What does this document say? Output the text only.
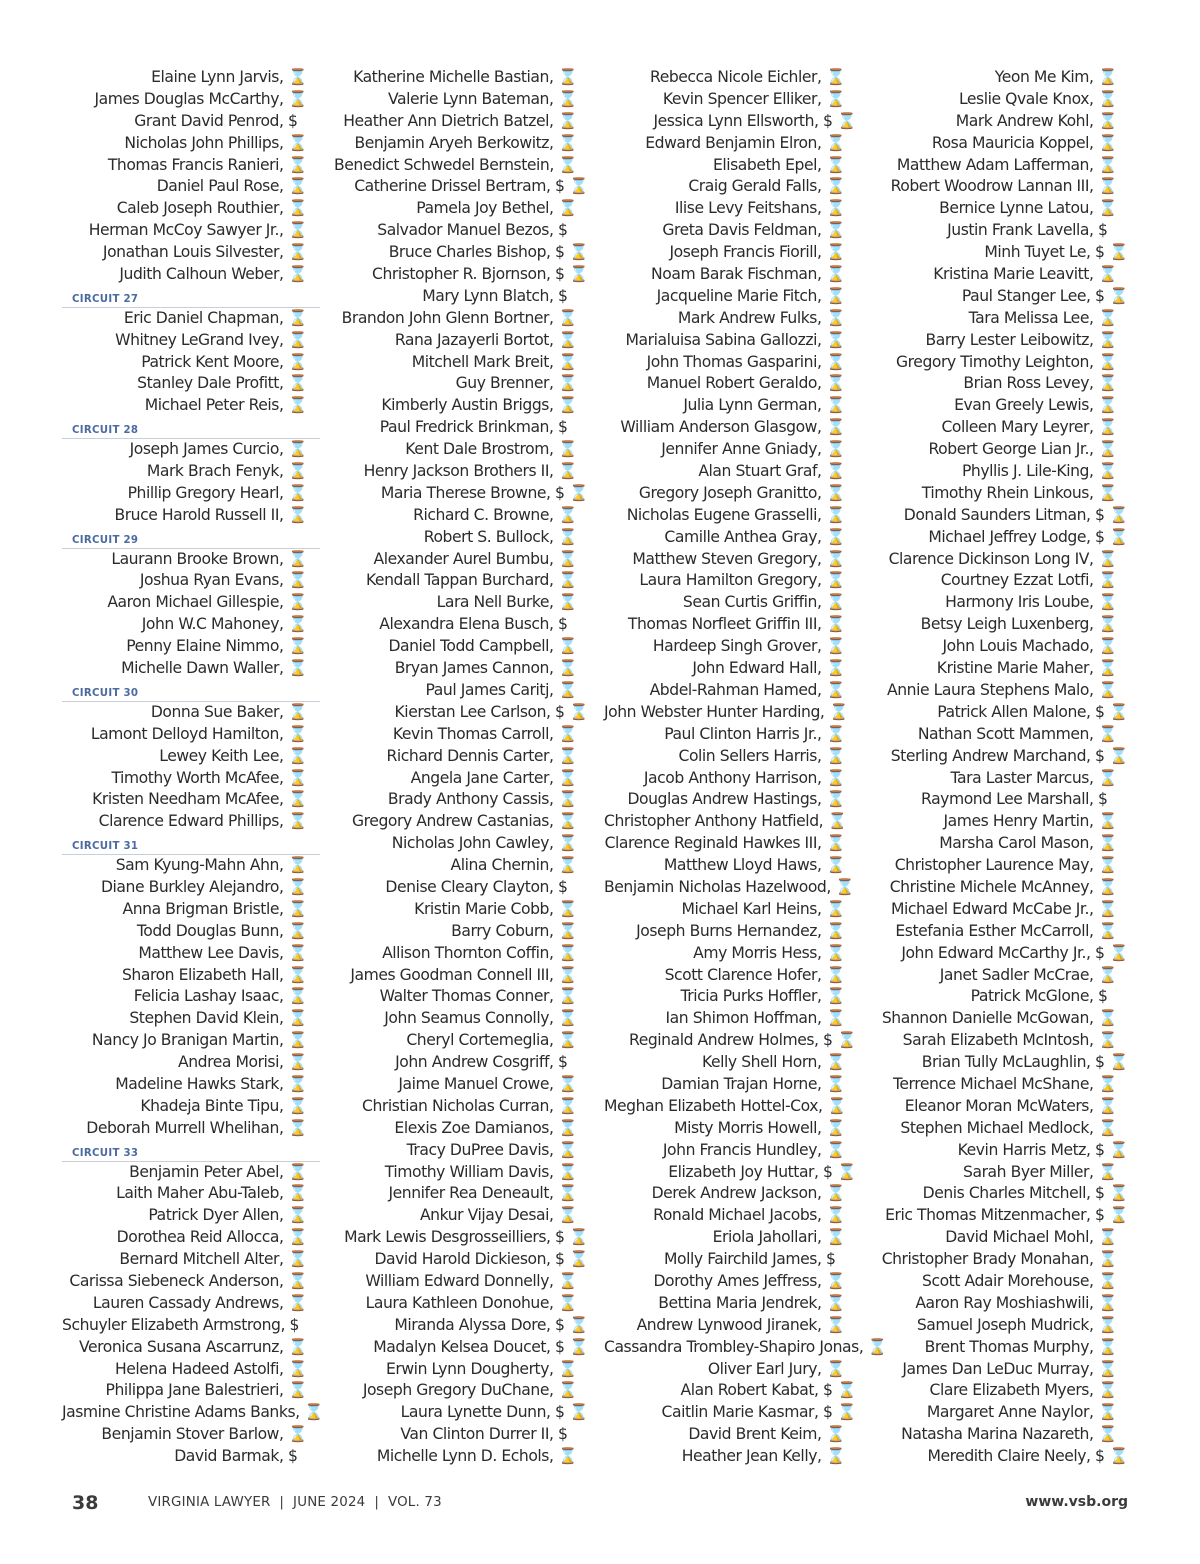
Elaine Lynn Jarvis, ⌛
James Douglas McCarthy, ⌛
Grant David Penrod, $
Nicholas John Phillips, ⌛
Thomas Francis Ranieri, ⌛
Daniel Paul Rose, ⌛
Caleb Joseph Routhier, ⌛
Herman McCoy Sawyer Jr., ⌛
Jonathan Louis Silvester, ⌛
Judith Calhoun Weber, ⌛
CIRCUIT 27
Eric Daniel Chapman, ⌛
Whitney LeGrand Ivey, ⌛
Patrick Kent Moore, ⌛
Stanley Dale Profitt, ⌛
Michael Peter Reis, ⌛
CIRCUIT 28
Joseph James Curcio, ⌛
Mark Brach Fenyk, ⌛
Phillip Gregory Hearl, ⌛
Bruce Harold Russell II, ⌛
CIRCUIT 29
Laurann Brooke Brown, ⌛
Joshua Ryan Evans, ⌛
Aaron Michael Gillespie, ⌛
John W.C Mahoney, ⌛
Penny Elaine Nimmo, ⌛
Michelle Dawn Waller, ⌛
CIRCUIT 30
Donna Sue Baker, ⌛
Lamont Delloyd Hamilton, ⌛
Lewey Keith Lee, ⌛
Timothy Worth McAfee, ⌛
Kristen Needham McAfee, ⌛
Clarence Edward Phillips, ⌛
CIRCUIT 31
Sam Kyung-Mahn Ahn, ⌛
Diane Burkley Alejandro, ⌛
Anna Brigman Bristle, ⌛
Todd Douglas Bunn, ⌛
Matthew Lee Davis, ⌛
Sharon Elizabeth Hall, ⌛
Felicia Lashay Isaac, ⌛
Stephen David Klein, ⌛
Nancy Jo Branigan Martin, ⌛
Andrea Morisi, ⌛
Madeline Hawks Stark, ⌛
Khadeja Binte Tipu, ⌛
Deborah Murrell Whelihan, ⌛
CIRCUIT 33
Benjamin Peter Abel, ⌛
Laith Maher Abu-Taleb, ⌛
Patrick Dyer Allen, ⌛
Dorothea Reid Allocca, ⌛
Bernard Mitchell Alter, ⌛
Carissa Siebeneck Anderson, ⌛
Lauren Cassady Andrews, ⌛
Schuyler Elizabeth Armstrong, $
Veronica Susana Ascarrunz, ⌛
Helena Hadeed Astolfi, ⌛
Philippa Jane Balestrieri, ⌛
Jasmine Christine Adams Banks, ⌛
Benjamin Stover Barlow, ⌛
David Barmak, $
Katherine Michelle Bastian, ⌛
Valerie Lynn Bateman, ⌛
Heather Ann Dietrich Batzel, ⌛
Benjamin Aryeh Berkowitz, ⌛
Benedict Schwedel Bernstein, ⌛
Catherine Drissel Bertram, $ ⌛
Pamela Joy Bethel, ⌛
Salvador Manuel Bezos, $
Bruce Charles Bishop, $ ⌛
Christopher R. Bjornson, $ ⌛
Mary Lynn Blatch, $
Brandon John Glenn Bortner, ⌛
Rana Jazayerli Bortot, ⌛
Mitchell Mark Breit, ⌛
Guy Brenner, ⌛
Kimberly Austin Briggs, ⌛
Paul Fredrick Brinkman, $
Kent Dale Brostrom, ⌛
Henry Jackson Brothers II, ⌛
Maria Therese Browne, $ ⌛
Richard C. Browne, ⌛
Robert S. Bullock, ⌛
Alexander Aurel Bumbu, ⌛
Kendall Tappan Burchard, ⌛
Lara Nell Burke, ⌛
Alexandra Elena Busch, $
Daniel Todd Campbell, ⌛
Bryan James Cannon, ⌛
Paul James Caritj, ⌛
Kierstan Lee Carlson, $ ⌛
Kevin Thomas Carroll, ⌛
Richard Dennis Carter, ⌛
Angela Jane Carter, ⌛
Brady Anthony Cassis, ⌛
Gregory Andrew Castanias, ⌛
Nicholas John Cawley, ⌛
Alina Chernin, ⌛
Denise Cleary Clayton, $
Kristin Marie Cobb, ⌛
Barry Coburn, ⌛
Allison Thornton Coffin, ⌛
James Goodman Connell III, ⌛
Walter Thomas Conner, ⌛
John Seamus Connolly, ⌛
Cheryl Cortemeglia, ⌛
John Andrew Cosgriff, $
Jaime Manuel Crowe, ⌛
Christian Nicholas Curran, ⌛
Elexis Zoe Damianos, ⌛
Tracy DuPree Davis, ⌛
Timothy William Davis, ⌛
Jennifer Rea Deneault, ⌛
Ankur Vijay Desai, ⌛
Mark Lewis Desgrosseilliers, $ ⌛
David Harold Dickieson, $ ⌛
William Edward Donnelly, ⌛
Laura Kathleen Donohue, ⌛
Miranda Alyssa Dore, $ ⌛
Madalyn Kelsea Doucet, $ ⌛
Erwin Lynn Dougherty, ⌛
Joseph Gregory DuChane, ⌛
Laura Lynette Dunn, $ ⌛
Van Clinton Durrer II, $
Michelle Lynn D. Echols, ⌛
Rebecca Nicole Eichler, ⌛
Kevin Spencer Elliker, ⌛
Jessica Lynn Ellsworth, $ ⌛
Edward Benjamin Elron, ⌛
Elisabeth Epel, ⌛
Craig Gerald Falls, ⌛
Ilise Levy Feitshans, ⌛
Greta Davis Feldman, ⌛
Joseph Francis Fiorill, ⌛
Noam Barak Fischman, ⌛
Jacqueline Marie Fitch, ⌛
Mark Andrew Fulks, ⌛
Marialuisa Sabina Gallozzi, ⌛
John Thomas Gasparini, ⌛
Manuel Robert Geraldo, ⌛
Julia Lynn German, ⌛
William Anderson Glasgow, ⌛
Jennifer Anne Gniady, ⌛
Alan Stuart Graf, ⌛
Gregory Joseph Granitto, ⌛
Nicholas Eugene Grasselli, ⌛
Camille Anthea Gray, ⌛
Matthew Steven Gregory, ⌛
Laura Hamilton Gregory, ⌛
Sean Curtis Griffin, ⌛
Thomas Norfleet Griffin III, ⌛
Hardeep Singh Grover, ⌛
John Edward Hall, ⌛
Abdel-Rahman Hamed, ⌛
John Webster Hunter Harding, ⌛
Paul Clinton Harris Jr., ⌛
Colin Sellers Harris, ⌛
Jacob Anthony Harrison, ⌛
Douglas Andrew Hastings, ⌛
Christopher Anthony Hatfield, ⌛
Clarence Reginald Hawkes III, ⌛
Matthew Lloyd Haws, ⌛
Benjamin Nicholas Hazelwood, ⌛
Michael Karl Heins, ⌛
Joseph Burns Hernandez, ⌛
Amy Morris Hess, ⌛
Scott Clarence Hofer, ⌛
Tricia Purks Hoffler, ⌛
Ian Shimon Hoffman, ⌛
Reginald Andrew Holmes, $ ⌛
Kelly Shell Horn, ⌛
Damian Trajan Horne, ⌛
Meghan Elizabeth Hottel-Cox, ⌛
Misty Morris Howell, ⌛
John Francis Hundley, ⌛
Elizabeth Joy Huttar, $ ⌛
Derek Andrew Jackson, ⌛
Ronald Michael Jacobs, ⌛
Eriola Jahollari, ⌛
Molly Fairchild James, $
Dorothy Ames Jeffress, ⌛
Bettina Maria Jendrek, ⌛
Andrew Lynwood Jiranek, ⌛
Cassandra Trombley-Shapiro Jonas, ⌛
Oliver Earl Jury, ⌛
Alan Robert Kabat, $ ⌛
Caitlin Marie Kasmar, $ ⌛
David Brent Keim, ⌛
Heather Jean Kelly, ⌛
Yeon Me Kim, ⌛
Leslie Qvale Knox, ⌛
Mark Andrew Kohl, ⌛
Rosa Mauricia Koppel, ⌛
Matthew Adam Lafferman, ⌛
Robert Woodrow Lannan III, ⌛
Bernice Lynne Latou, ⌛
Justin Frank Lavella, $
Minh Tuyet Le, $ ⌛
Kristina Marie Leavitt, ⌛
Paul Stanger Lee, $ ⌛
Tara Melissa Lee, ⌛
Barry Lester Leibowitz, ⌛
Gregory Timothy Leighton, ⌛
Brian Ross Levey, ⌛
Evan Greely Lewis, ⌛
Colleen Mary Leyrer, ⌛
Robert George Lian Jr., ⌛
Phyllis J. Lile-King, ⌛
Timothy Rhein Linkous, ⌛
Donald Saunders Litman, $ ⌛
Michael Jeffrey Lodge, $ ⌛
Clarence Dickinson Long IV, ⌛
Courtney Ezzat Lotfi, ⌛
Harmony Iris Loube, ⌛
Betsy Leigh Luxenberg, ⌛
John Louis Machado, ⌛
Kristine Marie Maher, ⌛
Annie Laura Stephens Malo, ⌛
Patrick Allen Malone, $ ⌛
Nathan Scott Mammen, ⌛
Sterling Andrew Marchand, $ ⌛
Tara Laster Marcus, ⌛
Raymond Lee Marshall, $
James Henry Martin, ⌛
Marsha Carol Mason, ⌛
Christopher Laurence May, ⌛
Christine Michele McAnney, ⌛
Michael Edward McCabe Jr., ⌛
Estefania Esther McCarroll, ⌛
John Edward McCarthy Jr., $ ⌛
Janet Sadler McCrae, ⌛
Patrick McGlone, $
Shannon Danielle McGowan, ⌛
Sarah Elizabeth McIntosh, ⌛
Brian Tully McLaughlin, $ ⌛
Terrence Michael McShane, ⌛
Eleanor Moran McWaters, ⌛
Stephen Michael Medlock, ⌛
Kevin Harris Metz, $ ⌛
Sarah Byer Miller, ⌛
Denis Charles Mitchell, $ ⌛
Eric Thomas Mitzenmacher, $ ⌛
David Michael Mohl, ⌛
Christopher Brady Monahan, ⌛
Scott Adair Morehouse, ⌛
Aaron Ray Moshiashwili, ⌛
Samuel Joseph Mudrick, ⌛
Brent Thomas Murphy, ⌛
James Dan LeDuc Murray, ⌛
Clare Elizabeth Myers, ⌛
Margaret Anne Naylor, ⌛
Natasha Marina Nazareth, ⌛
Meredith Claire Neely, $ ⌛
38	VIRGINIA LAWYER  |  JUNE 2024  |  VOL. 73	www.vsb.org
